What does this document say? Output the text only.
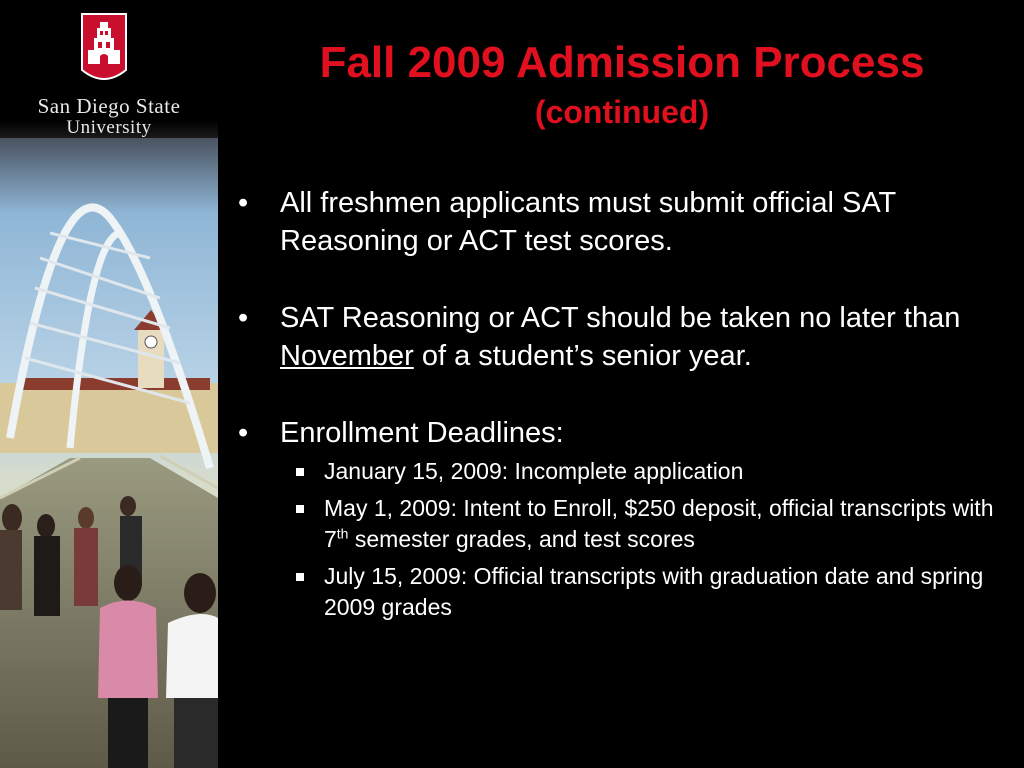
San Diego State
University
Fall 2009 Admission Process
(continued)
• All freshmen applicants must submit official SAT Reasoning or ACT test scores.
• SAT Reasoning or ACT should be taken no later than November of a student’s senior year.
• Enrollment Deadlines:
January 15, 2009: Incomplete application
May 1, 2009: Intent to Enroll, $250 deposit, official transcripts with 7th semester grades, and test scores
July 15, 2009: Official transcripts with graduation date and spring 2009 grades
